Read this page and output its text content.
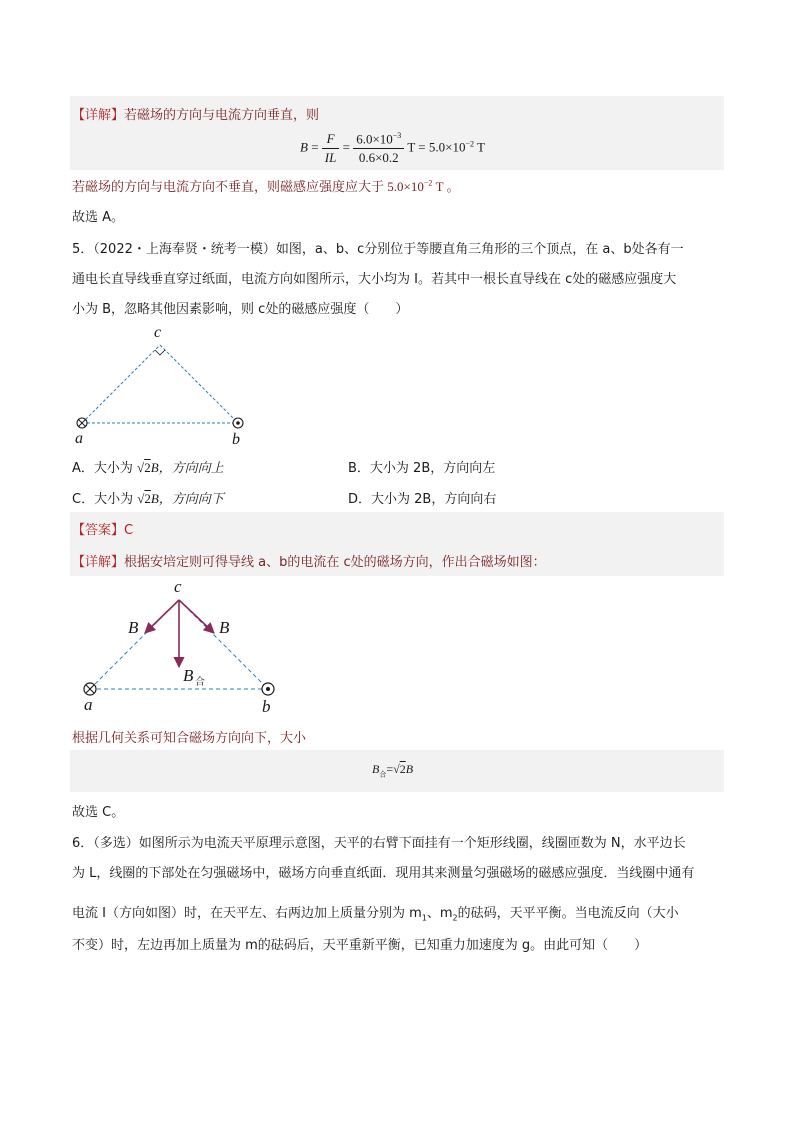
【详解】若磁场的方向与电流方向垂直，则
$B = \frac{F}{IL} = \frac{6.0\times 10^{-3}}{0.6\times 0.2}$ $T = 5.0\times 10^{-2}$ T
若磁场的方向与电流方向不垂直，则磁感应强度应大于 $5.0\times 10^{-2}$ T 。
故选 A。
5．（2022・上海奉贤・统考一模）如图，a、b、c分别位于等腰直角三角形的三个顶点，在 a、b处各有一
通电长直导线垂直穿过纸面，电流方向如图所示，大小均为 I。若其中一根长直导线在 c处的磁感应强度大
小为 B，忽略其他因素影响，则 c处的磁感应强度（　　）
c
a	b
A．大小为 √2B，方向向上	B．大小为 2B，方向向左
C．大小为 √2B，方向向下	D．大小为 2B，方向向右
【答案】C
【详解】根据安培定则可得导线 a、b的电流在 c处的磁场方向，作出合磁场如图：
c
B	B
B 合
a	b
根据几何关系可知合磁场方向向下，大小
$B_合=√2B$
故选 C。
6．（多选）如图所示为电流天平原理示意图，天平的右臂下面挂有一个矩形线圈，线圈匝数为 N，水平边长
为 L，线圈的下部处在匀强磁场中，磁场方向垂直纸面．现用其来测量匀强磁场的磁感应强度．当线圈中通有
电流 I（方向如图）时，在天平左、右两边加上质量分别为 $m_1$、$m_2$的砝码，天平平衡。当电流反向（大小
不变）时，左边再加上质量为 m的砝码后，天平重新平衡，已知重力加速度为 g。由此可知（　　）
